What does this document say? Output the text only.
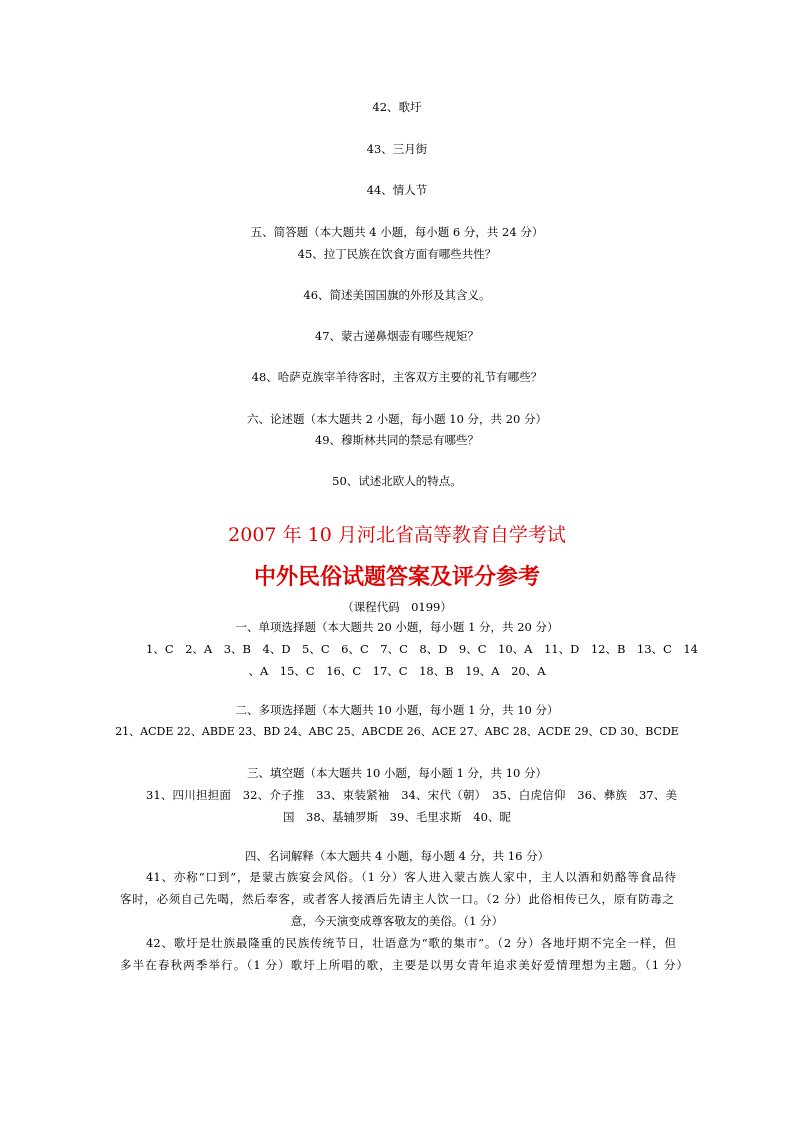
42、歌圩
43、三月街
44、情人节
五、简答题（本大题共 4 小题，每小题 6 分，共 24 分）
45、拉丁民族在饮食方面有哪些共性？
46、简述美国国旗的外形及其含义。
47、蒙古递鼻烟壶有哪些规矩？
48、哈萨克族宰羊待客时，主客双方主要的礼节有哪些？
六、论述题（本大题共 2 小题，每小题 10 分，共 20 分）
49、穆斯林共同的禁忌有哪些？
50、试述北欧人的特点。
2007 年 10 月河北省高等教育自学考试
中外民俗试题答案及评分参考
（课程代码　0199）
一、单项选择题（本大题共 20 小题，每小题 1 分，共 20 分）
1、C　2、A　3、B　4、D　5、C　6、C　7、C　8、D　9、C　10、A　11、D　12、B　13、C　14
、A　15、C　16、C　17、C　18、B　19、A　20、A
二、多项选择题（本大题共 10 小题，每小题 1 分，共 10 分）
21、ACDE 22、ABDE 23、BD 24、ABC 25、ABCDE 26、ACE 27、ABC 28、ACDE 29、CD 30、BCDE
三、填空题（本大题共 10 小题，每小题 1 分，共 10 分）
31、四川担担面　32、介子推　33、束装紧袖　34、宋代（朝）　35、白虎信仰　36、彝族　37、美
国　38、基辅罗斯　39、毛里求斯　40、昵
四、名词解释（本大题共 4 小题，每小题 4 分，共 16 分）
41、亦称“口到”，是蒙古族宴会风俗。（1 分）客人进入蒙古族人家中，主人以酒和奶酪等食品待
客时，必须自己先喝，然后奉客，或者客人接酒后先请主人饮一口。（2 分）此俗相传已久，原有防毒之
意，今天演变成尊客敬友的美俗。（1 分）
42、歌圩是壮族最隆重的民族传统节日，壮语意为“歌的集市”。（2 分）各地圩期不完全一样，但
多半在春秋两季举行。（1 分）歌圩上所唱的歌，主要是以男女青年追求美好爱情理想为主题。（1 分）
